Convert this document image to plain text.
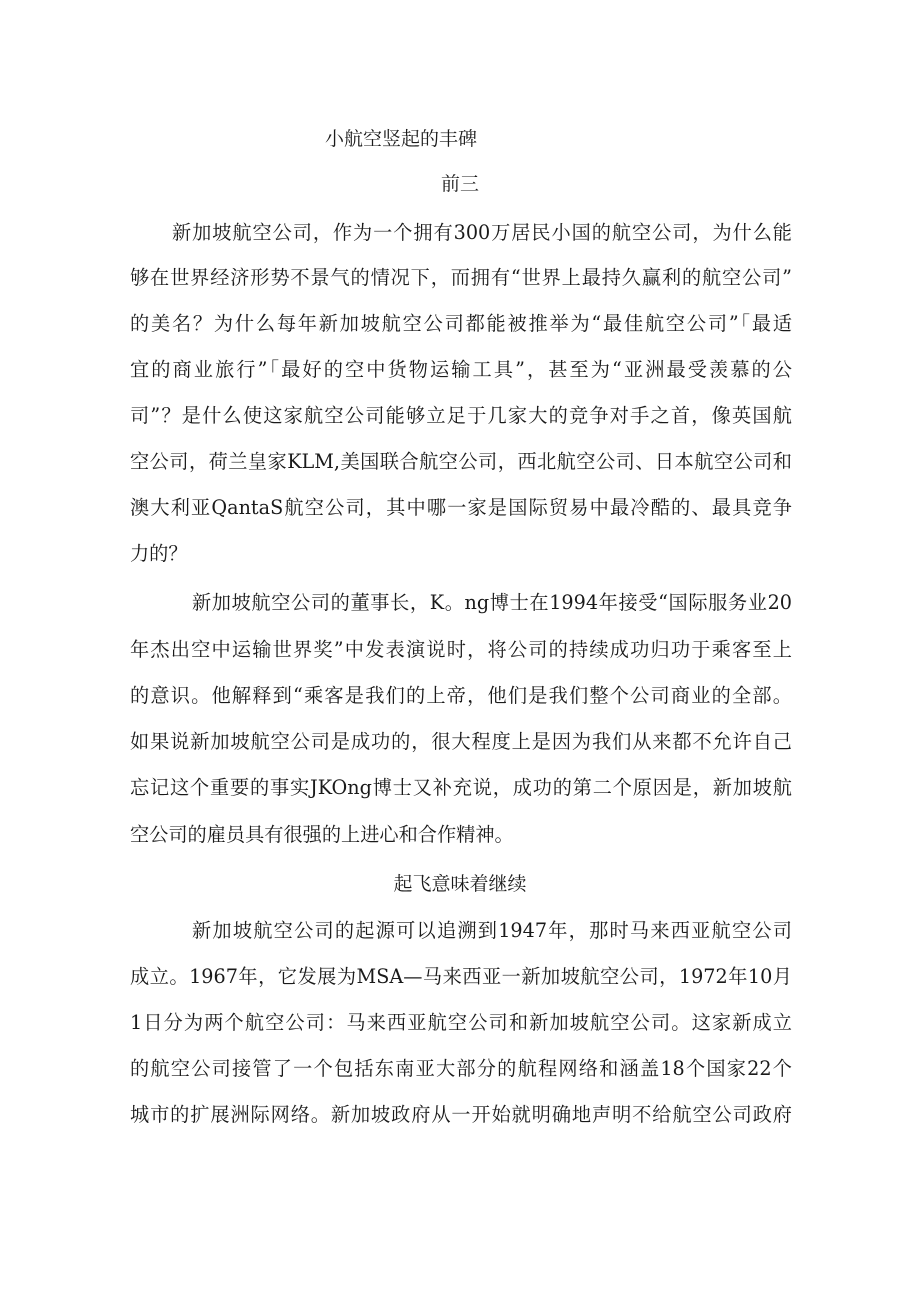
小航空竖起的丰碑
前三
新加坡航空公司，作为一个拥有300万居民小国的航空公司，为什么能
够在世界经济形势不景气的情况下，而拥有“世界上最持久赢利的航空公司”
的美名？为什么每年新加坡航空公司都能被推举为“最佳航空公司”「最适
宜的商业旅行”「最好的空中货物运输工具”，甚至为“亚洲最受羡慕的公
司”？是什么使这家航空公司能够立足于几家大的竞争对手之首，像英国航
空公司，荷兰皇家KLM,美国联合航空公司，西北航空公司、日本航空公司和
澳大利亚QantaS航空公司，其中哪一家是国际贸易中最冷酷的、最具竞争
力的？
新加坡航空公司的董事长，K。ng博士在1994年接受“国际服务业20
年杰出空中运输世界奖”中发表演说时，将公司的持续成功归功于乘客至上
的意识。他解释到“乘客是我们的上帝，他们是我们整个公司商业的全部。
如果说新加坡航空公司是成功的，很大程度上是因为我们从来都不允许自己
忘记这个重要的事实JKOng博士又补充说，成功的第二个原因是，新加坡航
空公司的雇员具有很强的上进心和合作精神。
起飞意味着继续
新加坡航空公司的起源可以追溯到1947年，那时马来西亚航空公司
成立。1967年，它发展为MSA—马来西亚一新加坡航空公司，1972年10月
1日分为两个航空公司：马来西亚航空公司和新加坡航空公司。这家新成立
的航空公司接管了一个包括东南亚大部分的航程网络和涵盖18个国家22个
城市的扩展洲际网络。新加坡政府从一开始就明确地声明不给航空公司政府
